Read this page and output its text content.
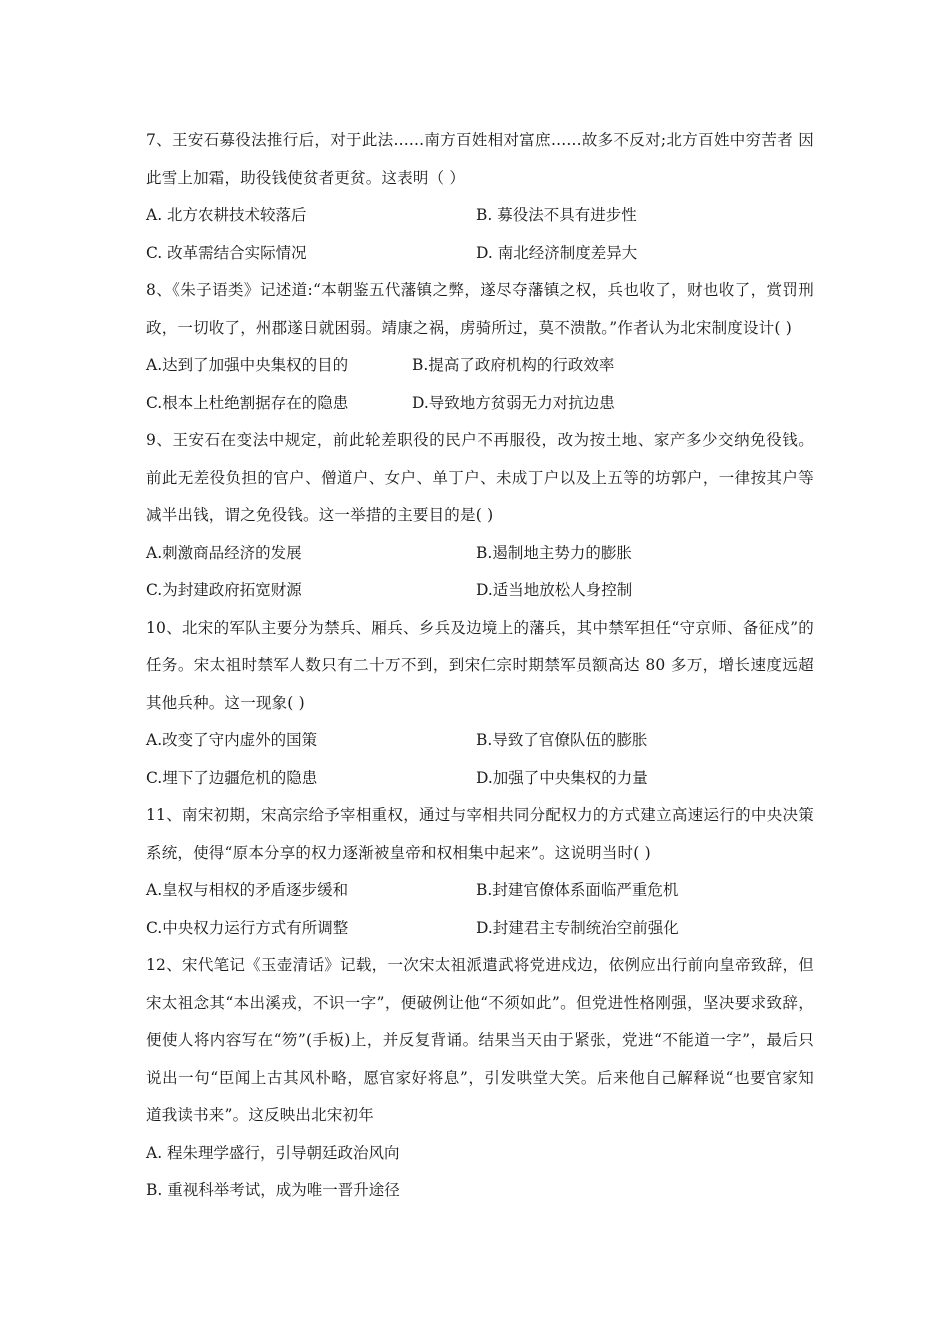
7、王安石募役法推行后，对于此法......南方百姓相对富庶......故多不反对;北方百姓中穷苦者 因此雪上加霜，助役钱使贫者更贫。这表明（ ）

A. 北方农耕技术较落后	B. 募役法不具有进步性
C. 改革需结合实际情况	D. 南北经济制度差异大

8、《朱子语类》记述道:“本朝鉴五代藩镇之弊，遂尽夺藩镇之权，兵也收了，财也收了，赏罚刑政，一切收了，州郡遂日就困弱。靖康之祸，虏骑所过，莫不溃散。”作者认为北宋制度设计( )

A.达到了加强中央集权的目的	B.提高了政府机构的行政效率
C.根本上杜绝割据存在的隐患	D.导致地方贫弱无力对抗边患

9、王安石在变法中规定，前此轮差职役的民户不再服役，改为按土地、家产多少交纳免役钱。前此无差役负担的官户、僧道户、女户、单丁户、未成丁户以及上五等的坊郭户，一律按其户等减半出钱，谓之免役钱。这一举措的主要目的是( )

A.刺激商品经济的发展	B.遏制地主势力的膨胀
C.为封建政府拓宽财源	D.适当地放松人身控制

10、北宋的军队主要分为禁兵、厢兵、乡兵及边境上的藩兵，其中禁军担任“守京师、备征戍”的任务。宋太祖时禁军人数只有二十万不到，到宋仁宗时期禁军员额高达 80 多万，增长速度远超其他兵种。这一现象( )

A.改变了守内虚外的国策	B.导致了官僚队伍的膨胀
C.埋下了边疆危机的隐患	D.加强了中央集权的力量

11、南宋初期，宋高宗给予宰相重权，通过与宰相共同分配权力的方式建立高速运行的中央决策系统，使得“原本分享的权力逐渐被皇帝和权相集中起来”。这说明当时( )

A.皇权与相权的矛盾逐步缓和	B.封建官僚体系面临严重危机
C.中央权力运行方式有所调整	D.封建君主专制统治空前强化

12、宋代笔记《玉壶清话》记载，一次宋太祖派遣武将党进戍边，依例应出行前向皇帝致辞，但宋太祖念其“本出溪戎，不识一字”，便破例让他“不须如此”。但党进性格刚强，坚决要求致辞，便使人将内容写在“笏”(手板)上，并反复背诵。结果当天由于紧张，党进“不能道一字”，最后只说出一句“臣闻上古其风朴略，愿官家好将息”，引发哄堂大笑。后来他自己解释说“也要官家知道我读书来”。这反映出北宋初年

A. 程朱理学盛行，引导朝廷政治风向

B. 重视科举考试，成为唯一晋升途径
